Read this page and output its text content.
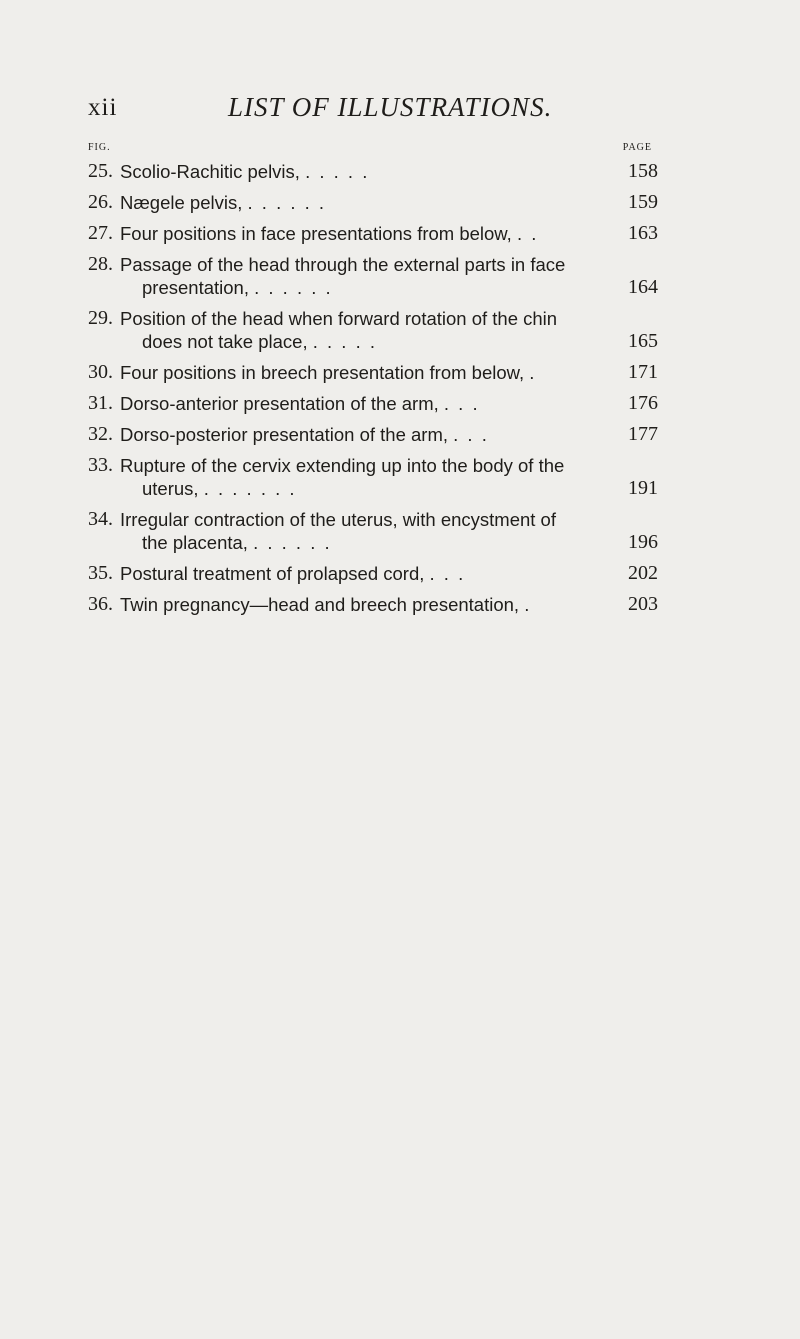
xii	LIST OF ILLUSTRATIONS.
FIG.	PAGE
25. Scolio-Rachitic pelvis, . . . . .	158
26. Nægele pelvis, . . . . . .	159
27. Four positions in face presentations from below, . .	163
28. Passage of the head through the external parts in face
presentation, . . . . . .	164
29. Position of the head when forward rotation of the chin
does not take place, . . . . .	165
30. Four positions in breech presentation from below, .	171
31. Dorso-anterior presentation of the arm, . . .	176
32. Dorso-posterior presentation of the arm, . . .	177
33. Rupture of the cervix extending up into the body of the
uterus, . . . . . . .	191
34. Irregular contraction of the uterus, with encystment of
the placenta, . . . . . .	196
35. Postural treatment of prolapsed cord, . . .	202
36. Twin pregnancy—head and breech presentation, .	203
